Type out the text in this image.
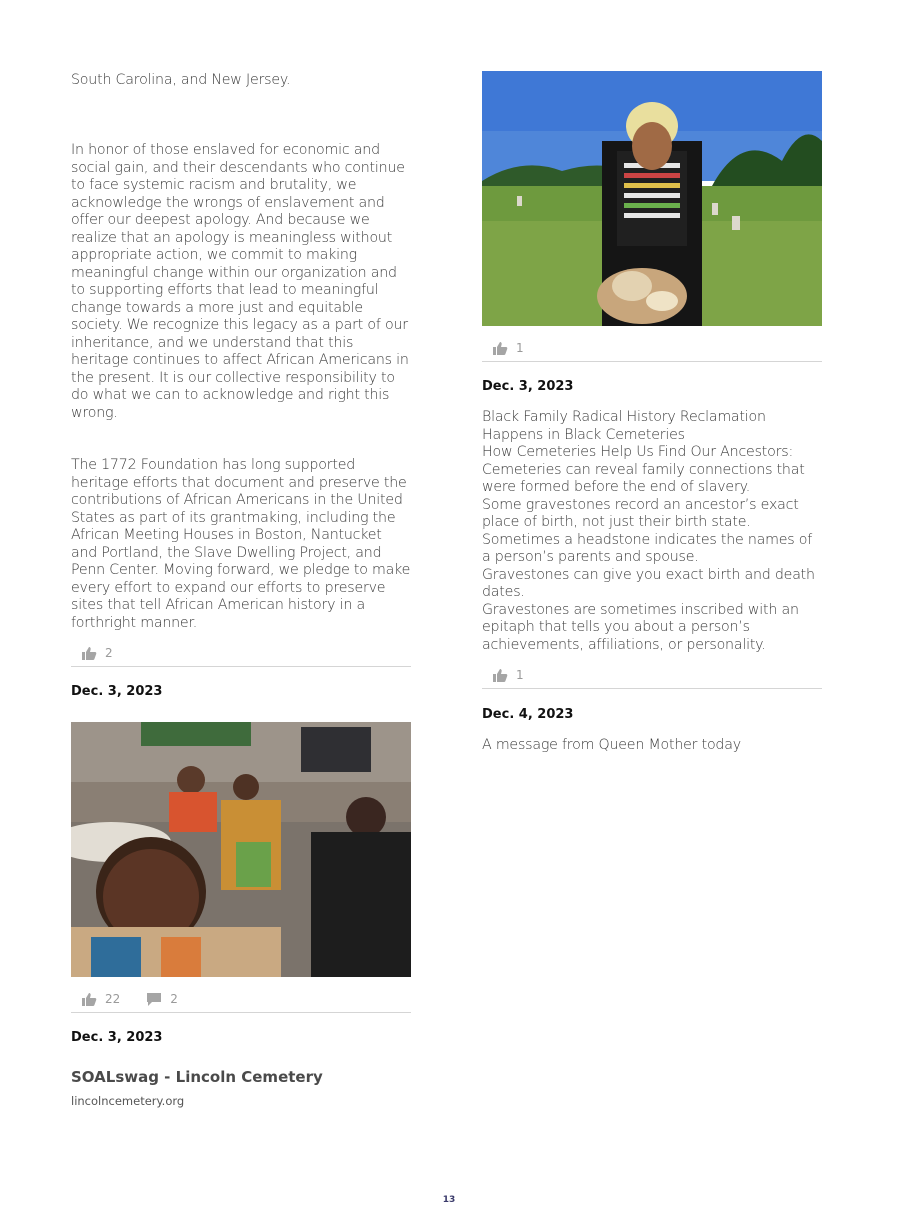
South Carolina, and New Jersey.

In honor of those enslaved for economic and social gain, and their descendants who continue to face systemic racism and brutality, we acknowledge the wrongs of enslavement and offer our deepest apology. And because we realize that an apology is meaningless without appropriate action, we commit to making meaningful change within our organization and to supporting efforts that lead to meaningful change towards a more just and equitable society. We recognize this legacy as a part of our inheritance, and we understand that this heritage continues to affect African Americans in the present. It is our collective responsibility to do what we can to acknowledge and right this wrong.

The 1772 Foundation has long supported heritage efforts that document and preserve the contributions of African Americans in the United States as part of its grantmaking, including the African Meeting Houses in Boston, Nantucket and Portland, the Slave Dwelling Project, and Penn Center. Moving forward, we pledge to make every effort to expand our efforts to preserve sites that tell African American history in a forthright manner.

2
Dec. 3, 2023
22	2
Dec. 3, 2023
SOALswag - Lincoln Cemetery
lincolncemetery.org
1
Dec. 3, 2023

Black Family Radical History Reclamation Happens in Black Cemeteries

How Cemeteries Help Us Find Our Ancestors:

Cemeteries can reveal family connections that were formed before the end of slavery.

Some gravestones record an ancestor’s exact place of birth, not just their birth state.

Sometimes a headstone indicates the names of a person’s parents and spouse.

Gravestones can give you exact birth and death dates.

Gravestones are sometimes inscribed with an epitaph that tells you about a person’s achievements, affiliations, or personality.

1
Dec. 4, 2023

A message from Queen Mother today

13
